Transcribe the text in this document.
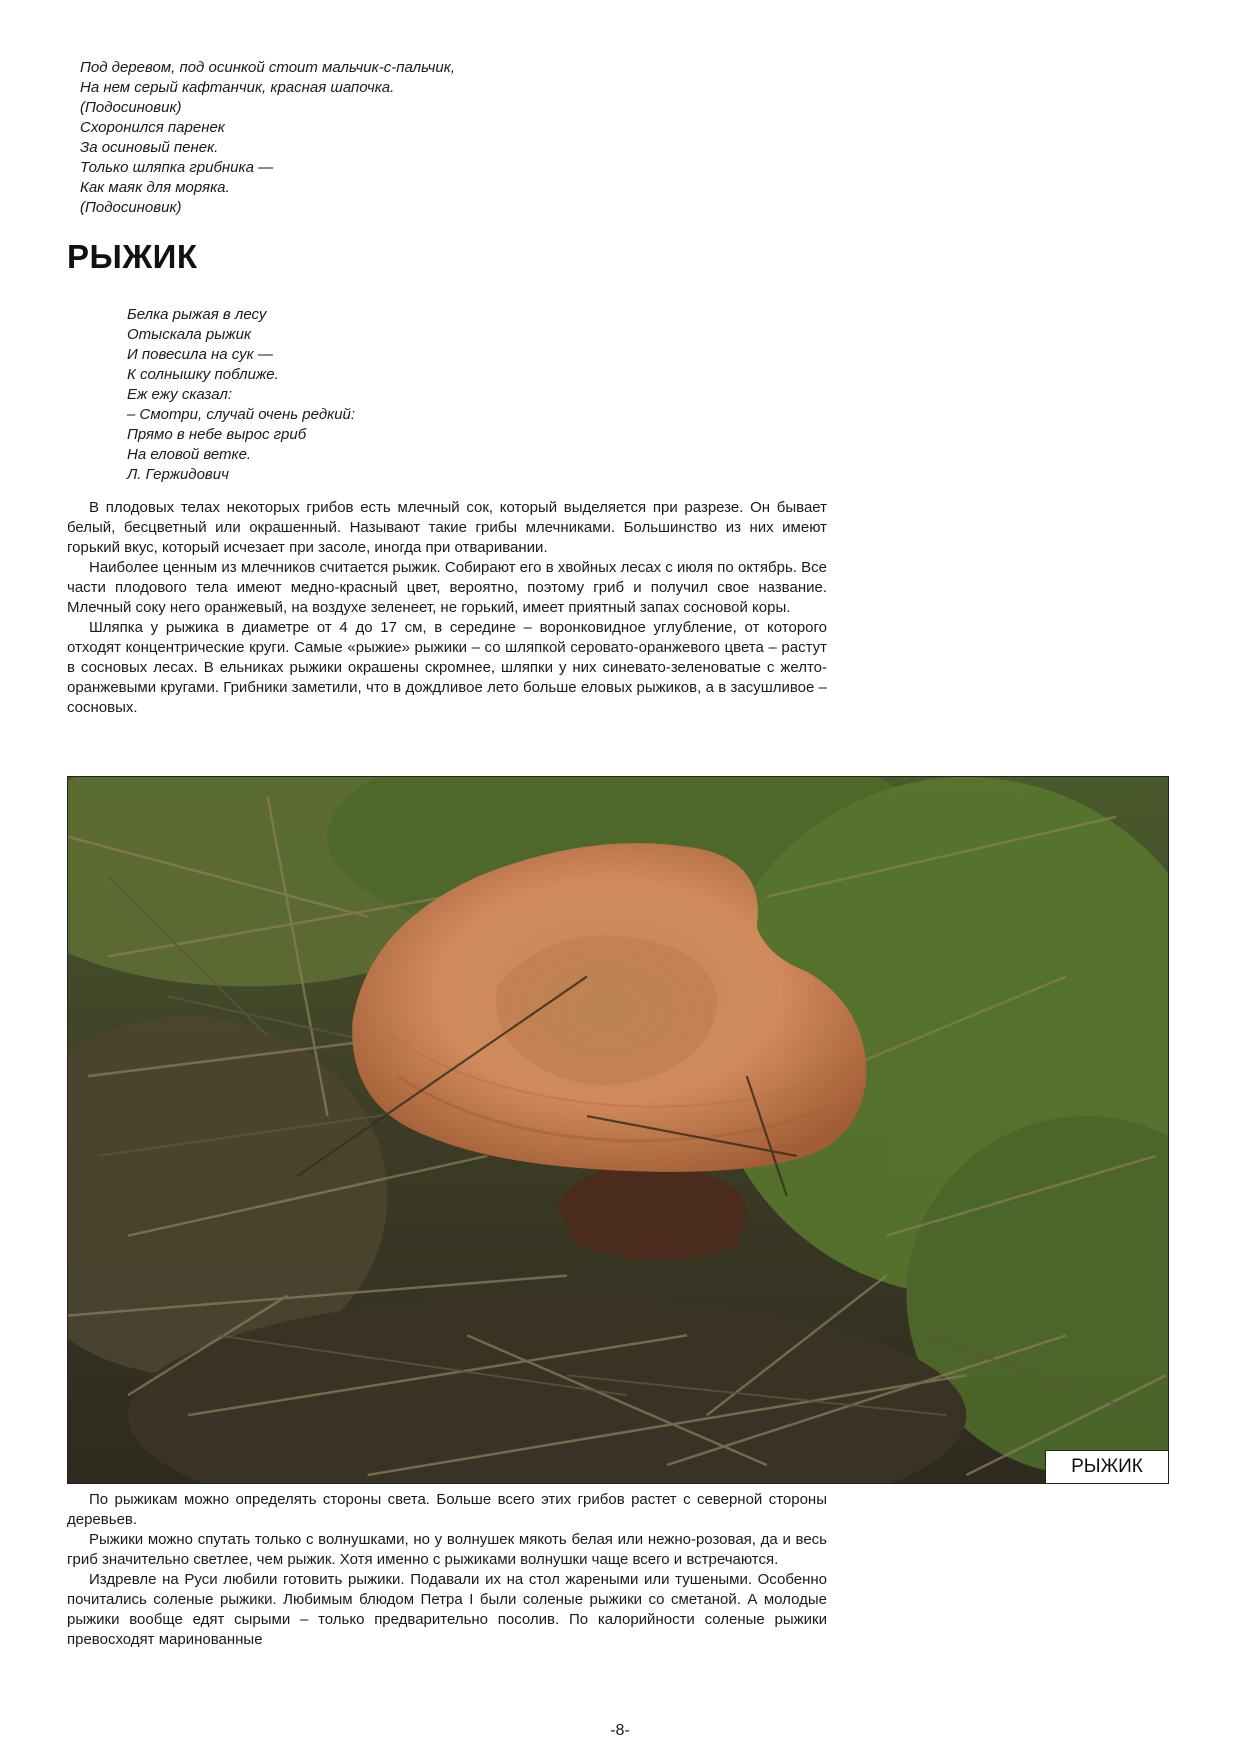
Под деревом, под осинкой стоит мальчик-с-пальчик,
На нем серый кафтанчик, красная шапочка.
(Подосиновик)
Схоронился паренек
За осиновый пенек.
Только шляпка грибника —
Как маяк для моряка.
(Подосиновик)
РЫЖИК
Белка рыжая в лесу
Отыскала рыжик
И повесила на сук —
К солнышку поближе.
Еж ежу сказал:
– Смотри, случай очень редкий:
Прямо в небе вырос гриб
На еловой ветке.
Л. Гержидович

В плодовых телах некоторых грибов есть млечный сок, который выделяется при разрезе. Он бывает белый, бесцветный или окрашенный. Называют такие грибы млечниками. Большинство из них имеют горький вкус, который исчезает при засоле, иногда при отваривании.

Наиболее ценным из млечников считается рыжик. Собирают его в хвойных лесах с июля по октябрь. Все части плодового тела имеют медно-красный цвет, вероятно, поэтому гриб и получил свое название. Млечный соку него оранжевый, на воздухе зеленеет, не горький, имеет приятный запах сосновой коры.

Шляпка у рыжика в диаметре от 4 до 17 см, в середине – воронковидное углубление, от которого отходят концентрические круги. Самые «рыжие» рыжики – со шляпкой серовато-оранжевого цвета – растут в сосновых лесах. В ельниках рыжики окрашены скромнее, шляпки у них синевато-зеленоватые с желто-оранжевыми кругами. Грибники заметили, что в дождливое лето больше еловых рыжиков, а в засушливое – сосновых.

РЫЖИК

По рыжикам можно определять стороны света. Больше всего этих грибов растет с северной стороны деревьев.

Рыжики можно спутать только с волнушками, но у волнушек мякоть белая или нежно-розовая, да и весь гриб значительно светлее, чем рыжик. Хотя именно с рыжиками волнушки чаще всего и встречаются.

Издревле на Руси любили готовить рыжики. Подавали их на стол жареными или тушеными. Особенно почитались соленые рыжики. Любимым блюдом Петра I были соленые рыжики со сметаной. А молодые рыжики вообще едят сырыми – только предварительно посолив. По калорийности соленые рыжики превосходят маринованные

-8-
